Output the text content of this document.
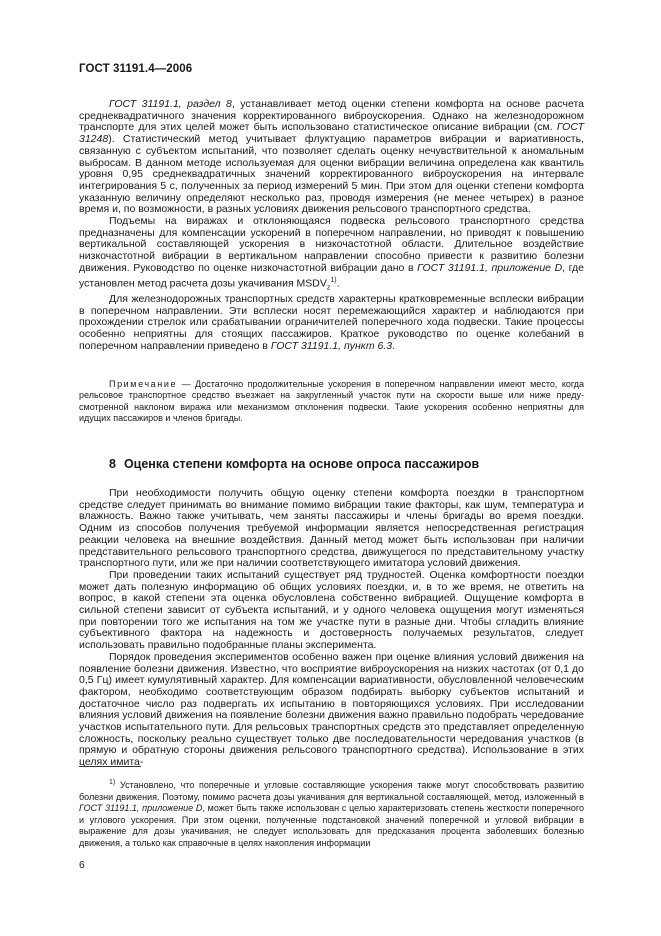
ГОСТ 31191.4—2006

ГОСТ 31191.1, раздел 8, устанавливает метод оценки степени комфорта на основе расчета среднеквадратичного значения корректированного виброускорения. Однако на железнодорожном транспорте для этих целей может быть использовано статистическое описание вибрации (см. ГОСТ 31248). Статистический метод учитывает флуктуацию параметров вибрации и вариативность, связанную с субъектом испытаний, что позволяет сделать оценку нечувствительной к аномальным выбросам. В данном методе используемая для оценки вибрации величина определена как квантиль уровня 0,95 среднеквадратичных значений корректированного виброускорения на интервале интегрирования 5 с, полученных за период измерений 5 мин. При этом для оценки степени комфорта указанную величину определяют несколько раз, проводя измерения (не менее четырех) в разное время и, по возможности, в разных условиях движения рельсового транспортного средства.

Подъемы на виражах и отклоняющаяся подвеска рельсового транспортного средства предназначены для компенсации ускорений в поперечном направлении, но приводят к повышению вертикальной составляющей ускорения в низкочастотной области. Длительное воздействие низкочастотной вибрации в вертикальном направлении способно привести к развитию болезни движения. Руководство по оценке низкочастотной вибрации дано в ГОСТ 31191.1, приложение D, где установлен метод расчета дозы укачивания $MSDV_z^{1)}$.

Для железнодорожных транспортных средств характерны кратковременные всплески вибрации в поперечном направлении. Эти всплески носят перемежающийся характер и наблюдаются при прохождении стрелок или срабатывании ограничителей поперечного хода подвески. Такие процессы особенно неприятны для стоящих пассажиров. Краткое руководство по оценке колебаний в поперечном направлении приведено в ГОСТ 31191.1, пункт 6.3.

Примечание — Достаточно продолжительные ускорения в поперечном направлении имеют место, когда рельсовое транспортное средство въезжает на закругленный участок пути на скорости выше или ниже предусмотренной наклоном виража или механизмом отклонения подвески. Такие ускорения особенно неприятны для идущих пассажиров и членов бригады.

8 Оценка степени комфорта на основе опроса пассажиров

При необходимости получить общую оценку степени комфорта поездки в транспортном средстве следует принимать во внимание помимо вибрации такие факторы, как шум, температура и влажность. Важно также учитывать, чем заняты пассажиры и члены бригады во время поездки. Одним из способов получения требуемой информации является непосредственная регистрация реакции человека на внешние воздействия. Данный метод может быть использован при наличии представительного рельсового транспортного средства, движущегося по представительному участку транспортного пути, или же при наличии соответствующего имитатора условий движения.

При проведении таких испытаний существует ряд трудностей. Оценка комфортности поездки может дать полезную информацию об общих условиях поездки, и, в то же время, не ответить на вопрос, в какой степени эта оценка обусловлена собственно вибрацией. Ощущение комфорта в сильной степени зависит от субъекта испытаний, и у одного человека ощущения могут изменяться при повторении того же испытания на том же участке пути в разные дни. Чтобы сгладить влияние субъективного фактора на надежность и достоверность получаемых результатов, следует использовать правильно подобранные планы эксперимента.

Порядок проведения экспериментов особенно важен при оценке влияния условий движения на появление болезни движения. Известно, что восприятие виброускорения на низких частотах (от 0,1 до 0,5 Гц) имеет кумулятивный характер. Для компенсации вариативности, обусловленной человеческим фактором, необходимо соответствующим образом подбирать выборку субъектов испытаний и достаточное число раз подвергать их испытанию в повторяющихся условиях. При исследовании влияния условий движения на появление болезни движения важно правильно подобрать чередование участков испытательного пути. Для рельсовых транспортных средств это представляет определенную сложность, поскольку реально существует только две последовательности чередования участков (в прямую и обратную стороны движения рельсового транспортного средства). Использование в этих целях имита-

$^{1)}$ Установлено, что поперечные и угловые составляющие ускорения также могут способствовать развитию болезни движения. Поэтому, помимо расчета дозы укачивания для вертикальной составляющей, метод, изложенный в ГОСТ 31191.1, приложение D, может быть также использован с целью характеризовать степень жесткости поперечного и углового ускорения. При этом оценки, полученные подстановкой значений поперечной и угловой вибрации в выражение для дозы укачивания, не следует использовать для предсказания процента заболевших болезнью движения, а только как справочные в целях накопления информации

6
